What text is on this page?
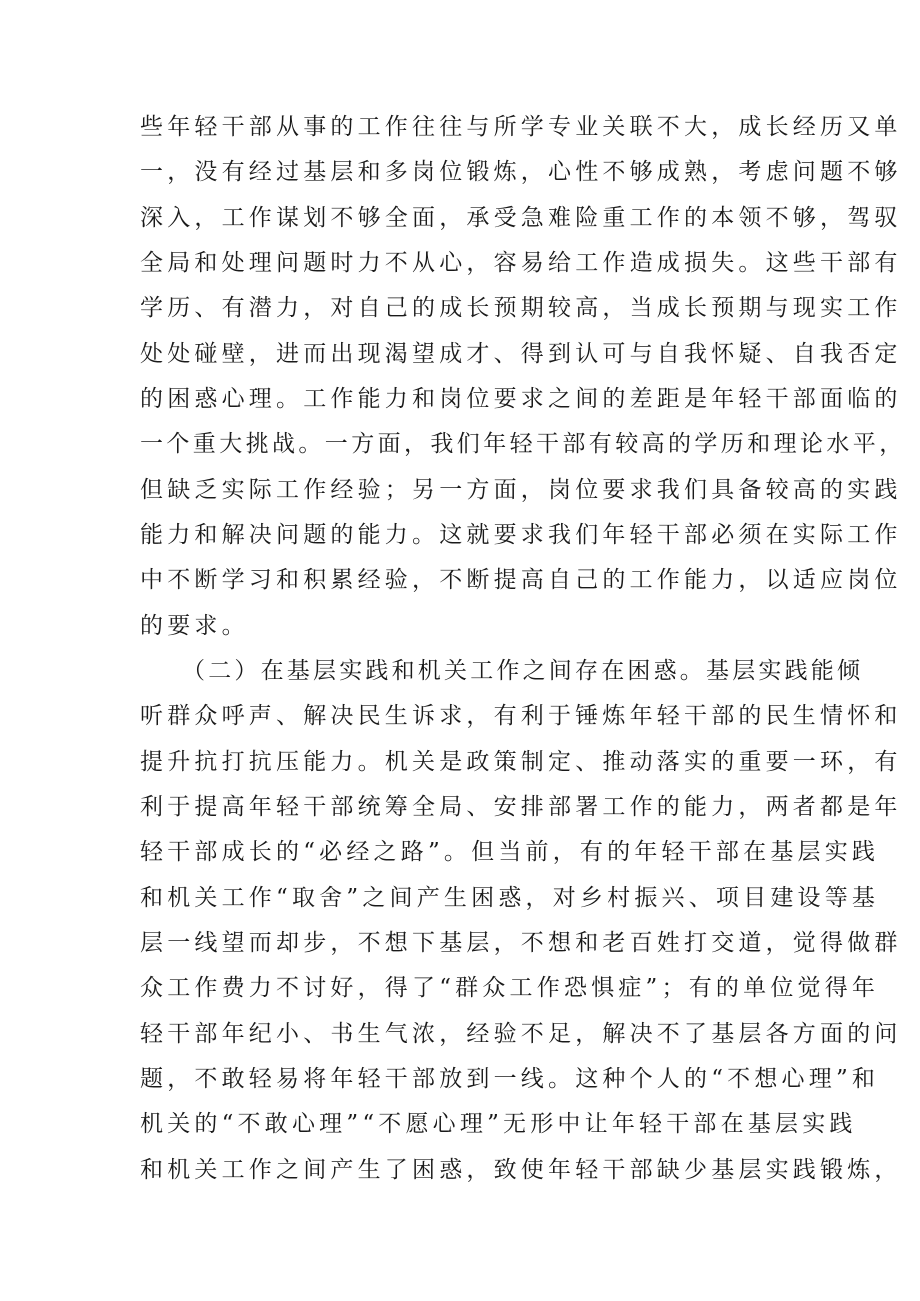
些年轻干部从事的工作往往与所学专业关联不大，成长经历又单
一，没有经过基层和多岗位锻炼，心性不够成熟，考虑问题不够
深入，工作谋划不够全面，承受急难险重工作的本领不够，驾驭
全局和处理问题时力不从心，容易给工作造成损失。这些干部有
学历、有潜力，对自己的成长预期较高，当成长预期与现实工作
处处碰壁，进而出现渴望成才、得到认可与自我怀疑、自我否定
的困惑心理。工作能力和岗位要求之间的差距是年轻干部面临的
一个重大挑战。一方面，我们年轻干部有较高的学历和理论水平，
但缺乏实际工作经验；另一方面，岗位要求我们具备较高的实践
能力和解决问题的能力。这就要求我们年轻干部必须在实际工作
中不断学习和积累经验，不断提高自己的工作能力，以适应岗位
的要求。
（二）在基层实践和机关工作之间存在困惑。基层实践能倾
听群众呼声、解决民生诉求，有利于锤炼年轻干部的民生情怀和
提升抗打抗压能力。机关是政策制定、推动落实的重要一环，有
利于提高年轻干部统筹全局、安排部署工作的能力，两者都是年
轻干部成长的“必经之路”。但当前，有的年轻干部在基层实践
和机关工作“取舍”之间产生困惑，对乡村振兴、项目建设等基
层一线望而却步，不想下基层，不想和老百姓打交道，觉得做群
众工作费力不讨好，得了“群众工作恐惧症”；有的单位觉得年
轻干部年纪小、书生气浓，经验不足，解决不了基层各方面的问
题，不敢轻易将年轻干部放到一线。这种个人的“不想心理”和
机关的“不敢心理”“不愿心理”无形中让年轻干部在基层实践
和机关工作之间产生了困惑，致使年轻干部缺少基层实践锻炼，
